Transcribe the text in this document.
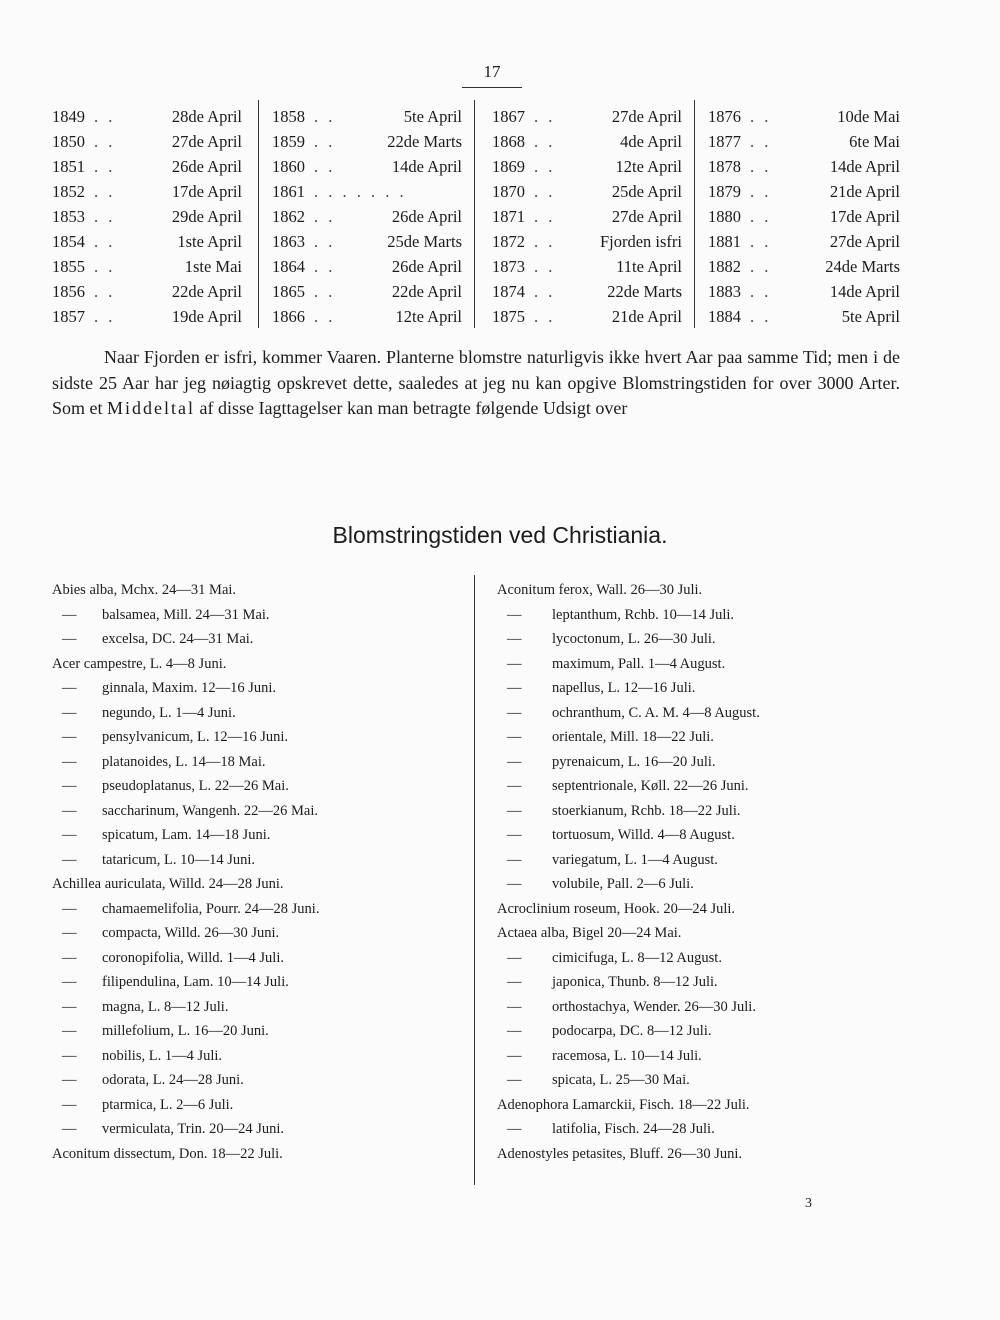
17
1849 . .	28de April
1850 . .	27de April
1851 . .	26de April
1852 . .	17de April
1853 . .	29de April
1854 . .	1ste April
1855 . .	1ste Mai
1856 . .	22de April
1857 . .	19de April
1858 . .	5te April
1859 . .	22de Marts
1860 . .	14de April
1861 . . . . . . .
1862 . .	26de April
1863 . .	25de Marts
1864 . .	26de April
1865 . .	22de April
1866 . .	12te April
1867 . .	27de April
1868 . .	4de April
1869 . .	12te April
1870 . .	25de April
1871 . .	27de April
1872 . .	Fjorden isfri
1873 . .	11te April
1874 . .	22de Marts
1875 . .	21de April
1876 . .	10de Mai
1877 . .	6te Mai
1878 . .	14de April
1879 . .	21de April
1880 . .	17de April
1881 . .	27de April
1882 . .	24de Marts
1883 . .	14de April
1884 . .	5te April

Naar Fjorden er isfri, kommer Vaaren. Planterne blomstre naturligvis ikke hvert Aar paa samme Tid; men i de sidste 25 Aar har jeg nøiagtig opskrevet dette, saaledes at jeg nu kan opgive Blomstringstiden for over 3000 Arter. Som et Middeltal af disse Iagttagelser kan man betragte følgende Udsigt over

Blomstringstiden ved Christiania.
Abies alba, Mchx. 24—31 Mai.
— balsamea, Mill. 24—31 Mai.
— excelsa, DC. 24—31 Mai.
Acer campestre, L. 4—8 Juni.
— ginnala, Maxim. 12—16 Juni.
— negundo, L. 1—4 Juni.
— pensylvanicum, L. 12—16 Juni.
— platanoides, L. 14—18 Mai.
— pseudoplatanus, L. 22—26 Mai.
— saccharinum, Wangenh. 22—26 Mai.
— spicatum, Lam. 14—18 Juni.
— tataricum, L. 10—14 Juni.
Achillea auriculata, Willd. 24—28 Juni.
— chamaemelifolia, Pourr. 24—28 Juni.
— compacta, Willd. 26—30 Juni.
— coronopifolia, Willd. 1—4 Juli.
— filipendulina, Lam. 10—14 Juli.
— magna, L. 8—12 Juli.
— millefolium, L. 16—20 Juni.
— nobilis, L. 1—4 Juli.
— odorata, L. 24—28 Juni.
— ptarmica, L. 2—6 Juli.
— vermiculata, Trin. 20—24 Juni.
Aconitum dissectum, Don. 18—22 Juli.
Aconitum ferox, Wall. 26—30 Juli.
— leptanthum, Rchb. 10—14 Juli.
— lycoctonum, L. 26—30 Juli.
— maximum, Pall. 1—4 August.
— napellus, L. 12—16 Juli.
— ochranthum, C. A. M. 4—8 August.
— orientale, Mill. 18—22 Juli.
— pyrenaicum, L. 16—20 Juli.
— septentrionale, Køll. 22—26 Juni.
— stoerkianum, Rchb. 18—22 Juli.
— tortuosum, Willd. 4—8 August.
— variegatum, L. 1—4 August.
— volubile, Pall. 2—6 Juli.
Acroclinium roseum, Hook. 20—24 Juli.
Actaea alba, Bigel 20—24 Mai.
— cimicifuga, L. 8—12 August.
— japonica, Thunb. 8—12 Juli.
— orthostachya, Wender. 26—30 Juli.
— podocarpa, DC. 8—12 Juli.
— racemosa, L. 10—14 Juli.
— spicata, L. 25—30 Mai.
Adenophora Lamarckii, Fisch. 18—22 Juli.
— latifolia, Fisch. 24—28 Juli.
Adenostyles petasites, Bluff. 26—30 Juni.
3
